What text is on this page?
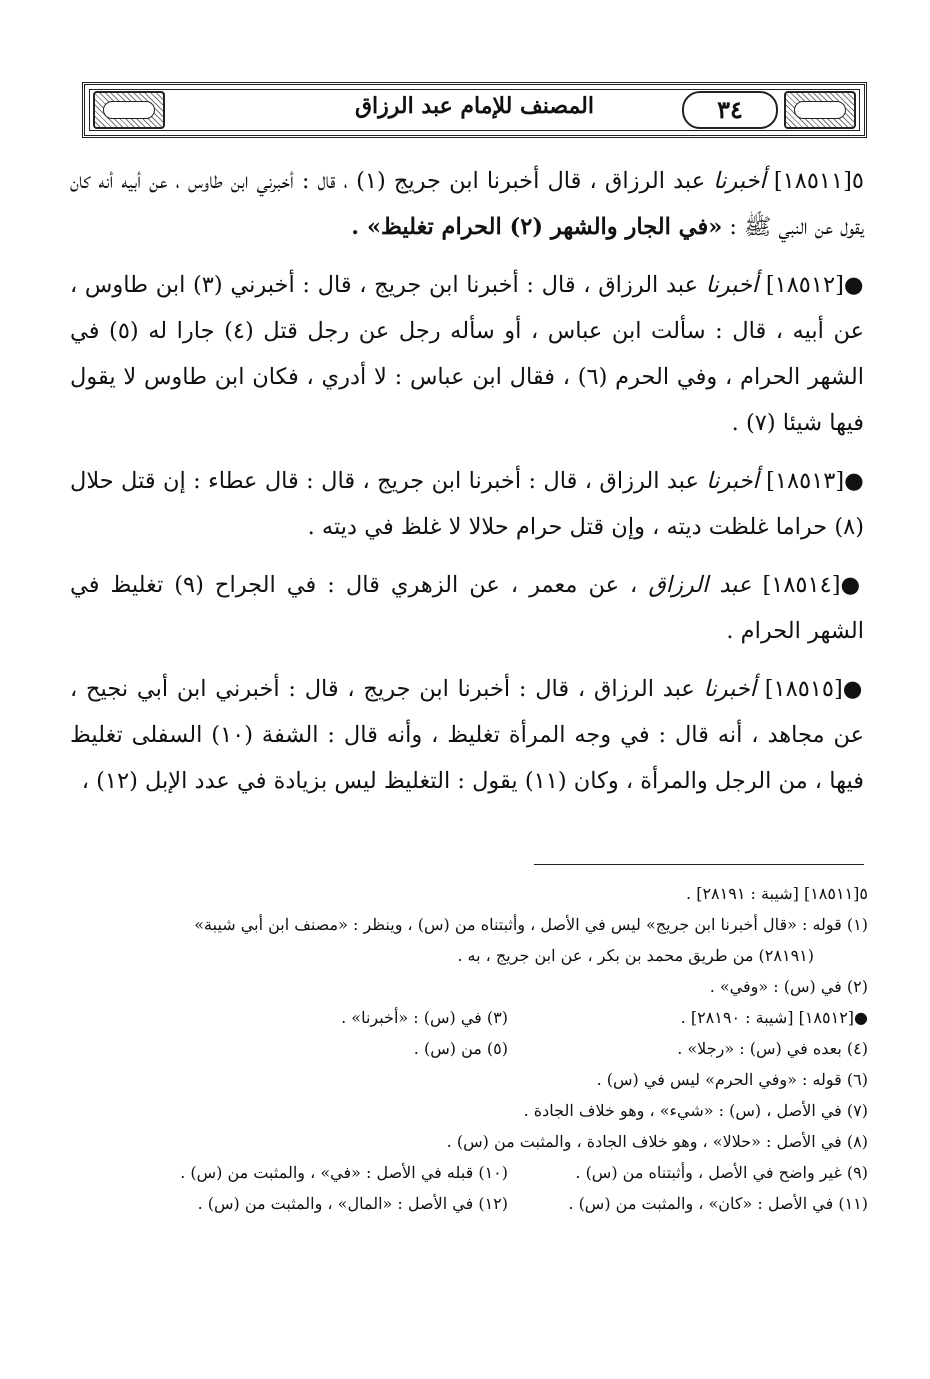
٣٤
المصنف للإمام عبد الرزاق

٥[١٨٥١١] أخبرنا عبد الرزاق ، قال أخبرنا ابن جريج (١) ، قال : أخبرني ابن طاوس ، عن أبيه أنه كان يقول عن النبي ﷺ : «في الجار والشهر (٢) الحرام تغليظ» .

●[١٨٥١٢] أخبرنا عبد الرزاق ، قال : أخبرنا ابن جريج ، قال : أخبرني (٣) ابن طاوس ، عن أبيه ، قال : سألت ابن عباس ، أو سأله رجل عن رجل قتل (٤) جارا له (٥) في الشهر الحرام ، وفي الحرم (٦) ، فقال ابن عباس : لا أدري ، فكان ابن طاوس لا يقول فيها شيئا (٧) .

●[١٨٥١٣] أخبرنا عبد الرزاق ، قال : أخبرنا ابن جريج ، قال : قال عطاء : إن قتل حلال (٨) حراما غلظت ديته ، وإن قتل حرام حلالا لا غلظ في ديته .

●[١٨٥١٤] عبد الرزاق ، عن معمر ، عن الزهري قال : في الجراح (٩) تغليظ في الشهر الحرام .

●[١٨٥١٥] أخبرنا عبد الرزاق ، قال : أخبرنا ابن جريج ، قال : أخبرني ابن أبي نجيح ، عن مجاهد ، أنه قال : في وجه المرأة تغليظ ، وأنه قال : الشفة (١٠) السفلى تغليظ فيها ، من الرجل والمرأة ، وكان (١١) يقول : التغليظ ليس بزيادة في عدد الإبل (١٢) ،

٥[١٨٥١١] [شيبة : ٢٨١٩١] .

(١) قوله : «قال أخبرنا ابن جريج» ليس في الأصل ، وأثبتناه من (س) ، وينظر : «مصنف ابن أبي شيبة»

(٢٨١٩١) من طريق محمد بن بكر ، عن ابن جريج ، به .

(٢) في (س) : «وفي» .

●[١٨٥١٢] [شيبة : ٢٨١٩٠] .
(٣) في (س) : «أخبرنا» .
(٤) بعده في (س) : «رجلا» .
(٥) من (س) .

(٦) قوله : «وفي الحرم» ليس في (س) .

(٧) في الأصل ، (س) : «شيء» ، وهو خلاف الجادة .

(٨) في الأصل : «حلالا» ، وهو خلاف الجادة ، والمثبت من (س) .

(٩) غير واضح في الأصل ، وأثبتناه من (س) .
(١٠) قبله في الأصل : «في» ، والمثبت من (س) .
(١١) في الأصل : «كان» ، والمثبت من (س) .
(١٢) في الأصل : «المال» ، والمثبت من (س) .
